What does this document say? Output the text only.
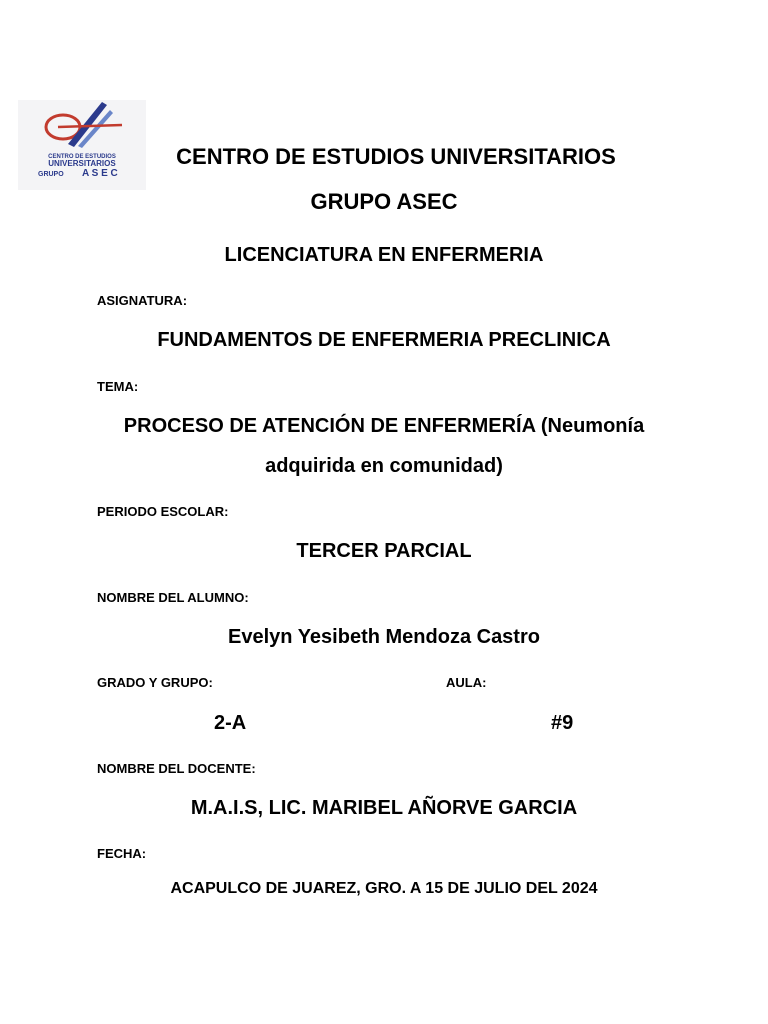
CENTRO DE ESTUDIOS
UNIVERSITARIOS
GRUPO A S E C
CENTRO DE ESTUDIOS UNIVERSITARIOS
GRUPO ASEC
LICENCIATURA EN ENFERMERIA
ASIGNATURA:
FUNDAMENTOS DE ENFERMERIA PRECLINICA
TEMA:
PROCESO DE ATENCIÓN DE ENFERMERÍA (Neumonía
adquirida en comunidad)
PERIODO ESCOLAR:
TERCER PARCIAL
NOMBRE DEL ALUMNO:
Evelyn Yesibeth Mendoza Castro
GRADO Y GRUPO:	AULA:
2-A	#9
NOMBRE DEL DOCENTE:
M.A.I.S, LIC. MARIBEL AÑORVE GARCIA
FECHA:
ACAPULCO DE JUAREZ, GRO. A 15 DE JULIO DEL 2024
